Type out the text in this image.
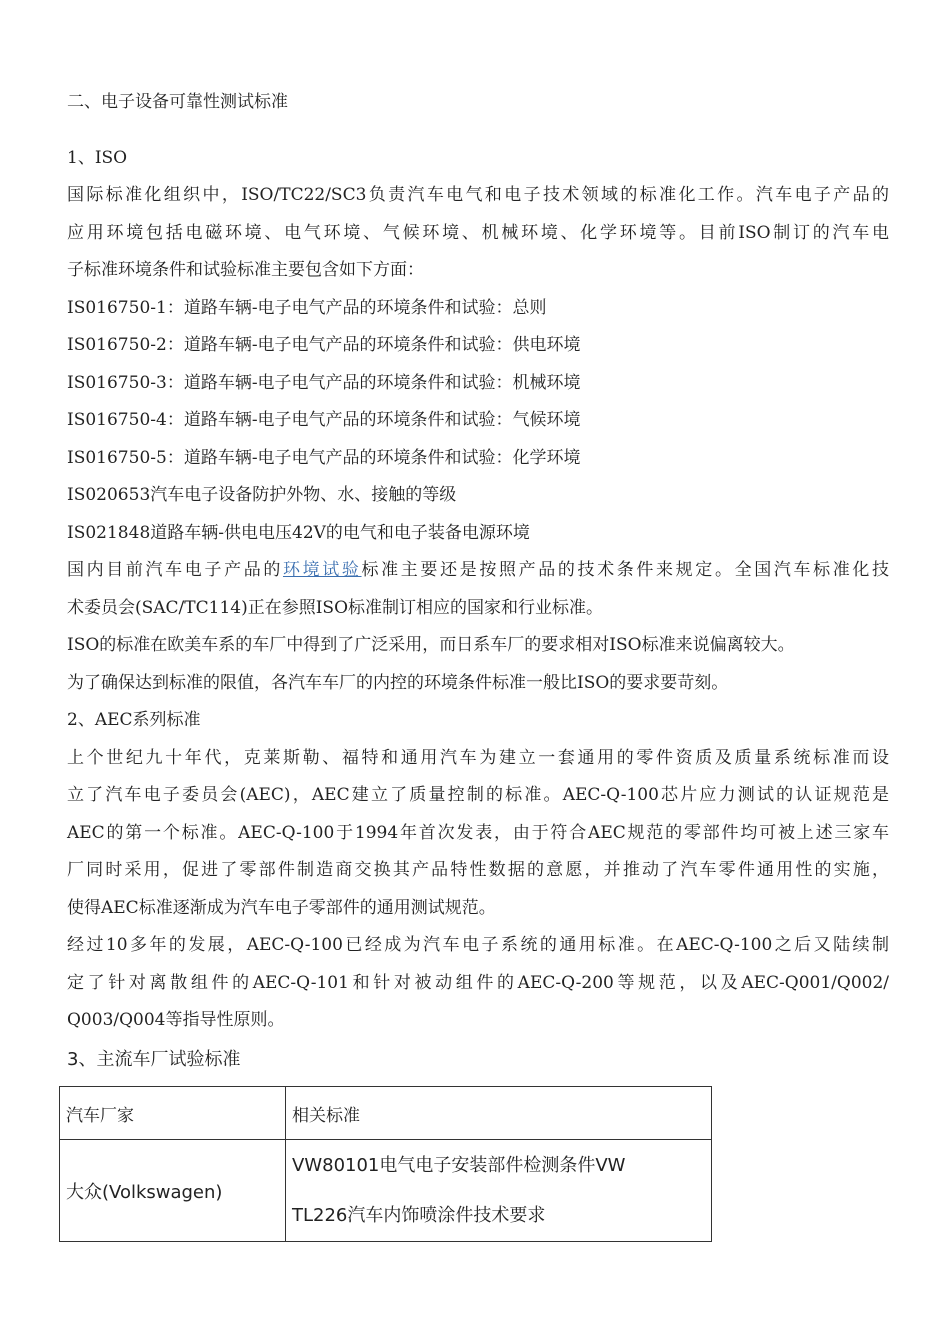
二、电子设备可靠性测试标准

1、ISO

国际标准化组织中，ISO/TC22/SC3负责汽车电气和电子技术领域的标准化工作。汽车电子产品的

应用环境包括电磁环境、电气环境、气候环境、机械环境、化学环境等。目前ISO制订的汽车电

子标准环境条件和试验标准主要包含如下方面：

IS016750-1：道路车辆-电子电气产品的环境条件和试验：总则

IS016750-2：道路车辆-电子电气产品的环境条件和试验：供电环境

IS016750-3：道路车辆-电子电气产品的环境条件和试验：机械环境

IS016750-4：道路车辆-电子电气产品的环境条件和试验：气候环境

IS016750-5：道路车辆-电子电气产品的环境条件和试验：化学环境

IS020653汽车电子设备防护外物、水、接触的等级

IS021848道路车辆-供电电压42V的电气和电子装备电源环境

国内目前汽车电子产品的环境试验标准主要还是按照产品的技术条件来规定。全国汽车标准化技

术委员会(SAC/TC114)正在参照ISO标准制订相应的国家和行业标准。

ISO的标准在欧美车系的车厂中得到了广泛采用，而日系车厂的要求相对ISO标准来说偏离较大。

为了确保达到标准的限值，各汽车车厂的内控的环境条件标准一般比ISO的要求要苛刻。

2、AEC系列标准

上个世纪九十年代，克莱斯勒、福特和通用汽车为建立一套通用的零件资质及质量系统标准而设

立了汽车电子委员会(AEC)，AEC建立了质量控制的标准。AEC-Q-100芯片应力测试的认证规范是

AEC的第一个标准。AEC-Q-100于1994年首次发表，由于符合AEC规范的零部件均可被上述三家车

厂同时采用，促进了零部件制造商交换其产品特性数据的意愿，并推动了汽车零件通用性的实施，

使得AEC标准逐渐成为汽车电子零部件的通用测试规范。

经过10多年的发展，AEC-Q-100已经成为汽车电子系统的通用标准。在AEC-Q-100之后又陆续制

定了针对离散组件的AEC-Q-101和针对被动组件的AEC-Q-200等规范，以及AEC-Q001/Q002/

Q003/Q004等指导性原则。

3、主流车厂试验标准

汽车厂家	相关标准
大众(Volkswagen)	VW80101电气电子安装部件检测条件VW
TL226汽车内饰喷涂件技术要求
